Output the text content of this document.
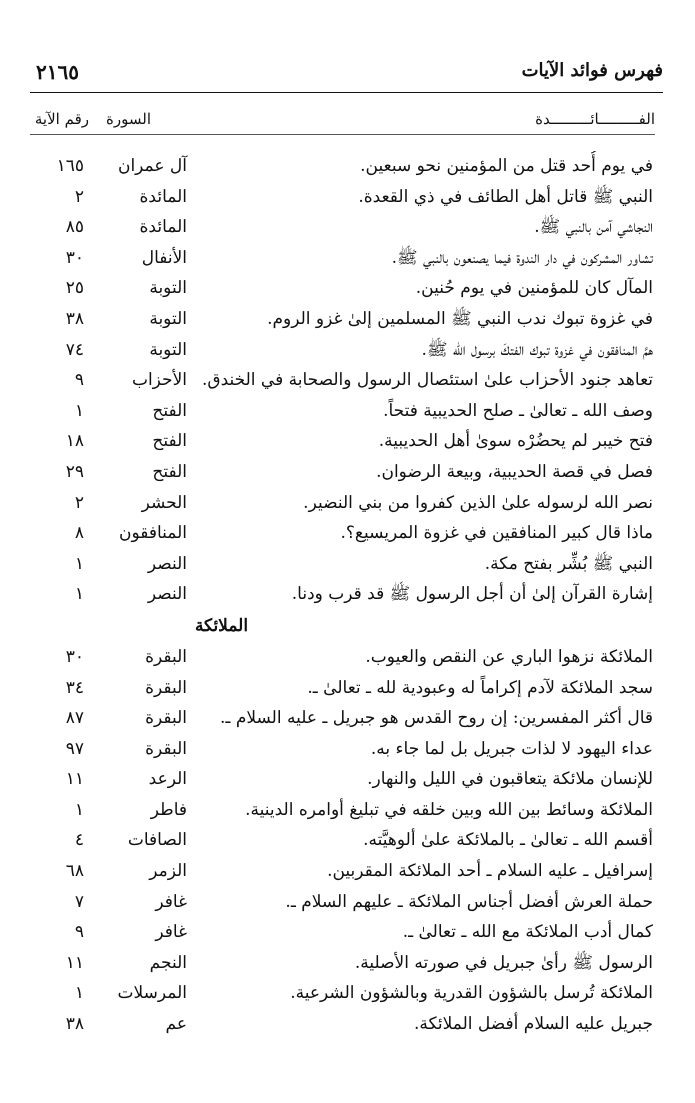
٢١٦٥	فهرس فوائد الآيات
الفـــــــــائـــــــــدة
السورة
رقم الآية
في يوم أُحد قتل من المؤمنين نحو سبعين.
آل عمران
١٦٥
النبي ﷺ قاتل أهل الطائف في ذي القعدة.
المائدة
٢
النجاشي آمن بالنبي ﷺ.
المائدة
٨٥
تشاور المشركون في دار الندوة فيما يصنعون بالنبي ﷺ.
الأنفال
٣٠
المآل كان للمؤمنين في يوم حُنين.
التوبة
٢٥
في غزوة تبوك ندب النبي ﷺ المسلمين إلىٰ غزو الروم.
التوبة
٣٨
همَّ المنافقون في غزوة تبوك الفتكَ برسول الله ﷺ.
التوبة
٧٤
تعاهد جنود الأحزاب علىٰ استئصال الرسول والصحابة في الخندق.
الأحزاب
٩
وصف الله ـ تعالىٰ ـ صلح الحديبية فتحاً.
الفتح
١
فتح خيبر لم يحضُرْه سوىٰ أهل الحديبية.
الفتح
١٨
فصل في قصة الحديبية، وبيعة الرضوان.
الفتح
٢٩
نصر الله لرسوله علىٰ الذين كفروا من بني النضير.
الحشر
٢
ماذا قال كبير المنافقين في غزوة المريسيع؟.
المنافقون
٨
النبي ﷺ بُشِّر بفتح مكة.
النصر
١
إشارة القرآن إلىٰ أن أجل الرسول ﷺ قد قرب ودنا.
النصر
١
الملائكة
الملائكة نزهوا الباري عن النقص والعيوب.
البقرة
٣٠
سجد الملائكة لآدم إكراماً له وعبودية لله ـ تعالىٰ ـ.
البقرة
٣٤
قال أكثر المفسرين: إن روح القدس هو جبريل ـ عليه السلام ـ.
البقرة
٨٧
عداء اليهود لا لذات جبريل بل لما جاء به.
البقرة
٩٧
للإنسان ملائكة يتعاقبون في الليل والنهار.
الرعد
١١
الملائكة وسائط بين الله وبين خلقه في تبليغ أوامره الدينية.
فاطر
١
أقسم الله ـ تعالىٰ ـ بالملائكة علىٰ ألوهيَّته.
الصافات
٤
إسرافيل ـ عليه السلام ـ أحد الملائكة المقربين.
الزمر
٦٨
حملة العرش أفضل أجناس الملائكة ـ عليهم السلام ـ.
غافر
٧
كمال أدب الملائكة مع الله ـ تعالىٰ ـ.
غافر
٩
الرسول ﷺ رأىٰ جبريل في صورته الأصلية.
النجم
١١
الملائكة تُرسل بالشؤون القدرية وبالشؤون الشرعية.
المرسلات
١
جبريل عليه السلام أفضل الملائكة.
عم
٣٨
